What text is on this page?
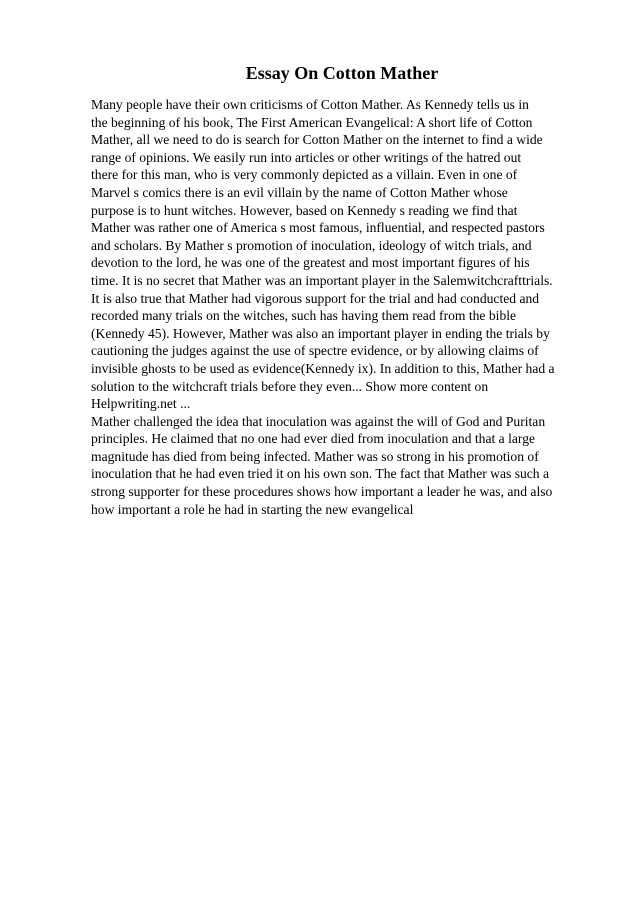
Essay On Cotton Mather
Many people have their own criticisms of Cotton Mather. As Kennedy tells us in
the beginning of his book, The First American Evangelical: A short life of Cotton
Mather, all we need to do is search for Cotton Mather on the internet to find a wide
range of opinions. We easily run into articles or other writings of the hatred out
there for this man, who is very commonly depicted as a villain. Even in one of
Marvel s comics there is an evil villain by the name of Cotton Mather whose
purpose is to hunt witches. However, based on Kennedy s reading we find that
Mather was rather one of America s most famous, influential, and respected pastors
and scholars. By Mather s promotion of inoculation, ideology of witch trials, and
devotion to the lord, he was one of the greatest and most important figures of his
time. It is no secret that Mather was an important player in the Salemwitchcrafttrials.
It is also true that Mather had vigorous support for the trial and had conducted and
recorded many trials on the witches, such has having them read from the bible
(Kennedy 45). However, Mather was also an important player in ending the trials by
cautioning the judges against the use of spectre evidence, or by allowing claims of
invisible ghosts to be used as evidence(Kennedy ix). In addition to this, Mather had a
solution to the witchcraft trials before they even... Show more content on
Helpwriting.net ...
Mather challenged the idea that inoculation was against the will of God and Puritan
principles. He claimed that no one had ever died from inoculation and that a large
magnitude has died from being infected. Mather was so strong in his promotion of
inoculation that he had even tried it on his own son. The fact that Mather was such a
strong supporter for these procedures shows how important a leader he was, and also
how important a role he had in starting the new evangelical
